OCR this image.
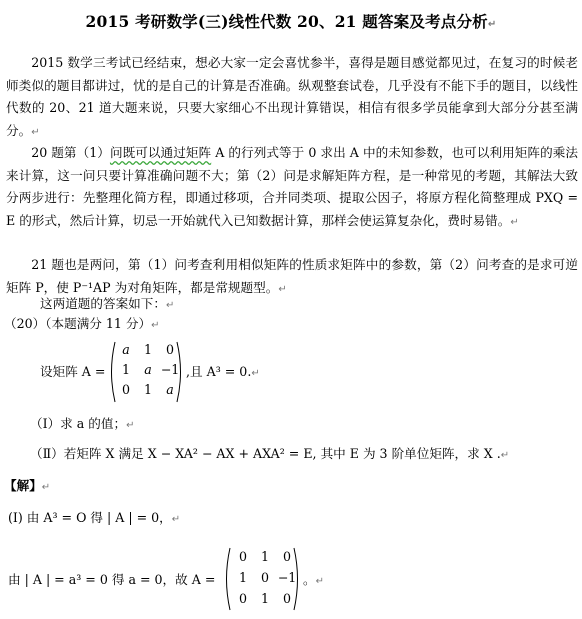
2015 考研数学(三)线性代数 20、21 题答案及考点分析↵
2015 数学三考试已经结束，想必大家一定会喜忧参半，喜得是题目感觉都见过，在复习的时候老师类似的题目都讲过，忧的是自己的计算是否准确。纵观整套试卷，几乎没有不能下手的题目，以线性代数的 20、21 道大题来说，只要大家细心不出现计算错误，相信有很多学员能拿到大部分分甚至满分。↵
20 题第（1）问既可以通过矩阵 A 的行列式等于 0 求出 A 中的未知参数，也可以利用矩阵的乘法来计算，这一问只要计算准确问题不大；第（2）问是求解矩阵方程，是一种常见的考题，其解法大致分两步进行：先整理化简方程，即通过移项，合并同类项、提取公因子，将原方程化简整理成 PXQ = E 的形式，然后计算，切忌一开始就代入已知数据计算，那样会使运算复杂化，费时易错。↵
21 题也是两问，第（1）问考查利用相似矩阵的性质求矩阵中的参数，第（2）问考查的是求可逆矩阵 P，使 P⁻¹AP 为对角矩阵，都是常规题型。↵
这两道题的答案如下：↵
（20）（本题满分 11 分）↵
设矩阵 A =
a	1	0
1	a −1
0	1	a
,且 A³ = 0.↵
（Ⅰ）求 a 的值；↵
（Ⅱ）若矩阵 X 满足 X − XA² − AX + AXA² = E, 其中 E 为 3 阶单位矩阵，求 X .↵
【解】↵
(Ⅰ) 由 A³ = O 得 | A | = 0，↵
由 | A | = a³ = 0 得 a = 0，故 A =
0	1	0
1	0 −1
0	1	0
。↵
